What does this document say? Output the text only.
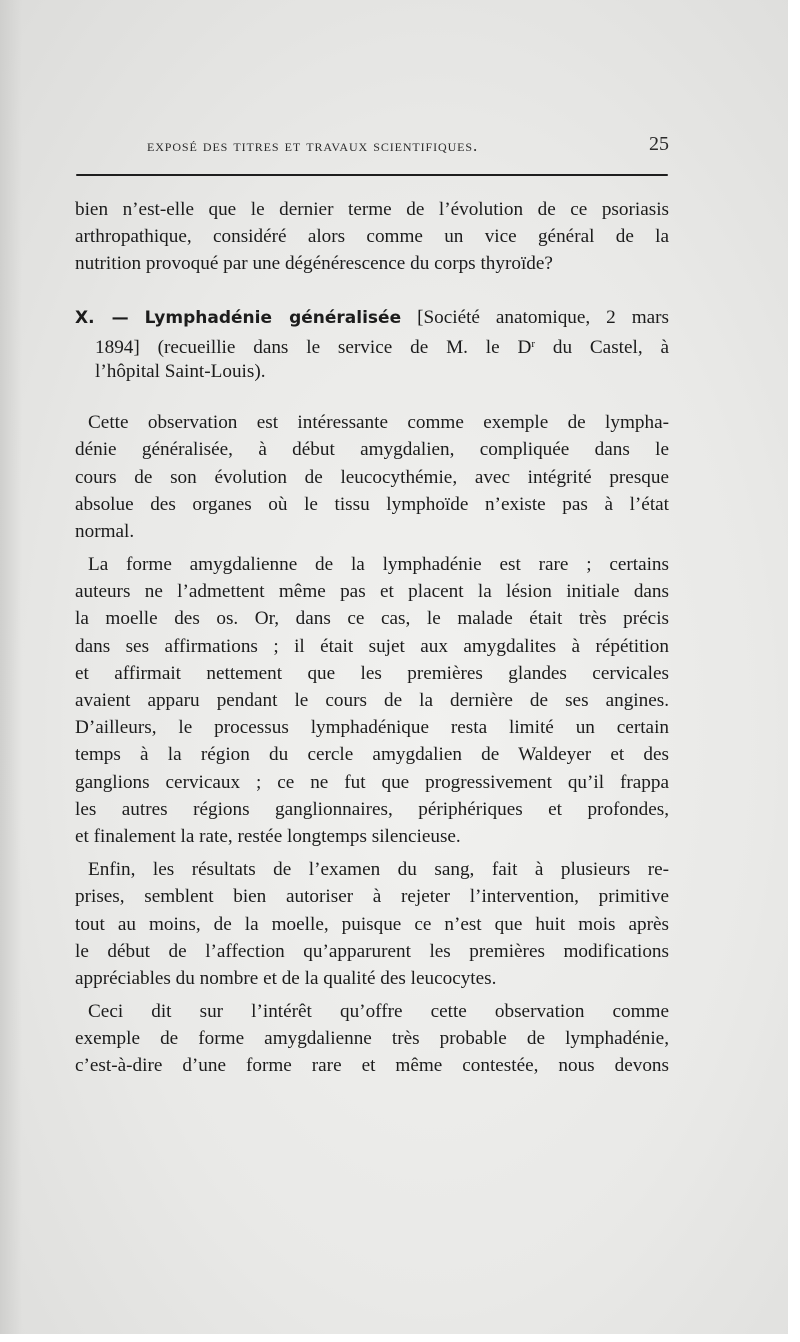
exposé des titres et travaux scientifiques.	25

bien n’est-elle que le dernier terme de l’évolution de ce psoriasis
arthropathique, considéré alors comme un vice général de la
nutrition provoqué par une dégénérescence du corps thyroïde?

X. — Lymphadénie généralisée [Société anatomique, 2 mars
1894] (recueillie dans le service de M. le $D^r$ du Castel, à
l’hôpital Saint-Louis).

Cette observation est intéressante comme exemple de lympha-
dénie généralisée, à début amygdalien, compliquée dans le
cours de son évolution de leucocythémie, avec intégrité presque
absolue des organes où le tissu lymphoïde n’existe pas à l’état
normal.

La forme amygdalienne de la lymphadénie est rare ; certains
auteurs ne l’admettent même pas et placent la lésion initiale dans
la moelle des os. Or, dans ce cas, le malade était très précis
dans ses affirmations ; il était sujet aux amygdalites à répétition
et affirmait nettement que les premières glandes cervicales
avaient apparu pendant le cours de la dernière de ses angines.
D’ailleurs, le processus lymphadénique resta limité un certain
temps à la région du cercle amygdalien de Waldeyer et des
ganglions cervicaux ; ce ne fut que progressivement qu’il frappa
les autres régions ganglionnaires, périphériques et profondes,
et finalement la rate, restée longtemps silencieuse.

Enfin, les résultats de l’examen du sang, fait à plusieurs re-
prises, semblent bien autoriser à rejeter l’intervention, primitive
tout au moins, de la moelle, puisque ce n’est que huit mois après
le début de l’affection qu’apparurent les premières modifications
appréciables du nombre et de la qualité des leucocytes.

Ceci dit sur l’intérêt qu’offre cette observation comme
exemple de forme amygdalienne très probable de lymphadénie,
c’est-à-dire d’une forme rare et même contestée, nous devons
